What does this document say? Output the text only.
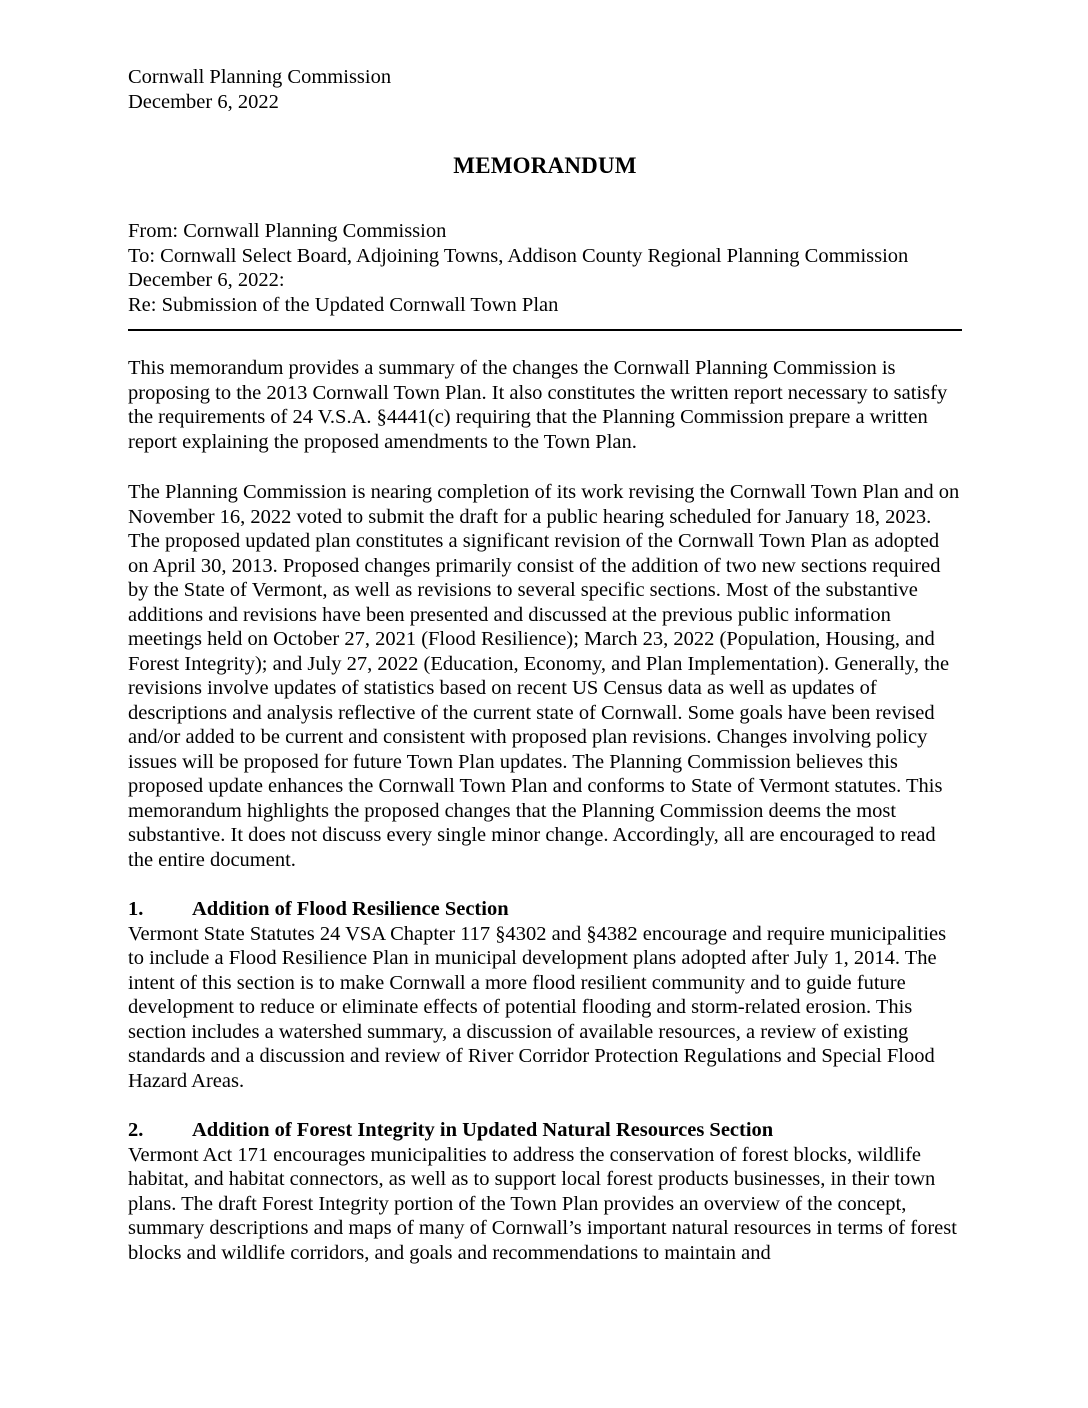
Cornwall Planning Commission
December 6, 2022
MEMORANDUM
From: Cornwall Planning Commission
To: Cornwall Select Board, Adjoining Towns, Addison County Regional Planning Commission
December 6, 2022:
Re: Submission of the Updated Cornwall Town Plan

This memorandum provides a summary of the changes the Cornwall Planning Commission is proposing to the 2013 Cornwall Town Plan. It also constitutes the written report necessary to satisfy the requirements of 24 V.S.A. §4441(c) requiring that the Planning Commission prepare a written report explaining the proposed amendments to the Town Plan.

The Planning Commission is nearing completion of its work revising the Cornwall Town Plan and on November 16, 2022 voted to submit the draft for a public hearing scheduled for January 18, 2023. The proposed updated plan constitutes a significant revision of the Cornwall Town Plan as adopted on April 30, 2013. Proposed changes primarily consist of the addition of two new sections required by the State of Vermont, as well as revisions to several specific sections. Most of the substantive additions and revisions have been presented and discussed at the previous public information meetings held on October 27, 2021 (Flood Resilience); March 23, 2022 (Population, Housing, and Forest Integrity); and July 27, 2022 (Education, Economy, and Plan Implementation). Generally, the revisions involve updates of statistics based on recent US Census data as well as updates of descriptions and analysis reflective of the current state of Cornwall. Some goals have been revised and/or added to be current and consistent with proposed plan revisions. Changes involving policy issues will be proposed for future Town Plan updates. The Planning Commission believes this proposed update enhances the Cornwall Town Plan and conforms to State of Vermont statutes. This memorandum highlights the proposed changes that the Planning Commission deems the most substantive. It does not discuss every single minor change. Accordingly, all are encouraged to read the entire document.

1. Addition of Flood Resilience Section

Vermont State Statutes 24 VSA Chapter 117 §4302 and §4382 encourage and require municipalities to include a Flood Resilience Plan in municipal development plans adopted after July 1, 2014. The intent of this section is to make Cornwall a more flood resilient community and to guide future development to reduce or eliminate effects of potential flooding and storm-related erosion. This section includes a watershed summary, a discussion of available resources, a review of existing standards and a discussion and review of River Corridor Protection Regulations and Special Flood Hazard Areas.

2. Addition of Forest Integrity in Updated Natural Resources Section

Vermont Act 171 encourages municipalities to address the conservation of forest blocks, wildlife habitat, and habitat connectors, as well as to support local forest products businesses, in their town plans. The draft Forest Integrity portion of the Town Plan provides an overview of the concept, summary descriptions and maps of many of Cornwall’s important natural resources in terms of forest blocks and wildlife corridors, and goals and recommendations to maintain and
